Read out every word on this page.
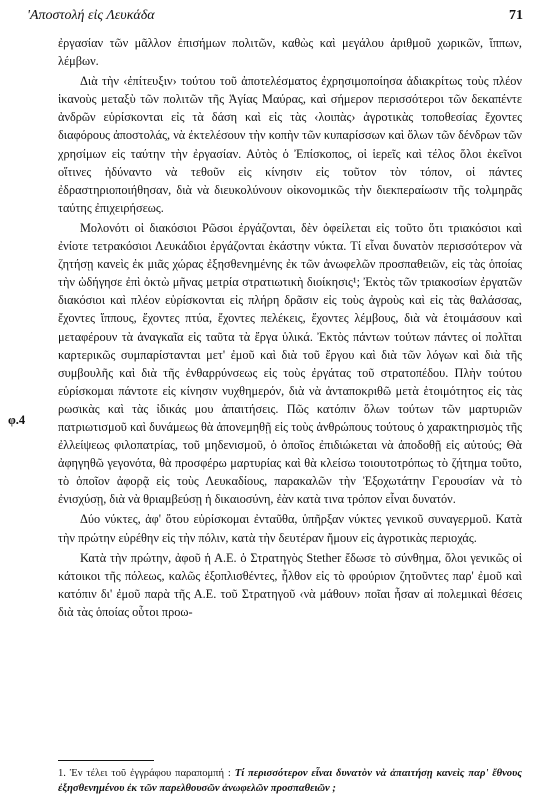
'Αποστολή εἰς Λευκάδα	71
φ.4

ἐργασίαν τῶν μᾶλλον ἐπισήμων πολιτῶν, καθὼς καὶ μεγάλου ἀριθμοῦ χωρικῶν, ἵππων, λέμβων.

Διὰ τὴν ‹ἐπίτευξιν› τούτου τοῦ ἀποτελέσματος ἐχρησιμοποίησα ἀδιακρίτως τοὺς πλέον ἱκανοὺς μεταξὺ τῶν πολιτῶν τῆς Ἁγίας Μαύρας, καὶ σήμερον περισσότεροι τῶν δεκαπέντε ἀνδρῶν εὑρίσκονται εἰς τὰ δάση καὶ εἰς τὰς ‹λοιπὰς› ἀγροτικὰς τοποθεσίας ἔχοντες διαφόρους ἀποστολάς, νὰ ἐκτελέσουν τὴν κοπὴν τῶν κυπαρίσσων καὶ ὅλων τῶν δένδρων τῶν χρησίμων εἰς ταύτην τὴν ἐργασίαν. Αὐτὸς ὁ Ἐπίσκοπος, οἱ ἱερεῖς καὶ τέλος ὅλοι ἐκεῖνοι οἵτινες ἠδύναντο νὰ τεθοῦν εἰς κίνησιν εἰς τοῦτον τὸν τόπον, οἱ πάντες ἐδραστηριοποιήθησαν, διὰ νὰ διευκολύνουν οἰκονομικῶς τὴν διεκπεραίωσιν τῆς τολμηρᾶς ταύτης ἐπιχειρήσεως.

Μολονότι οἱ διακόσιοι Ρῶσοι ἐργάζονται, δὲν ὀφείλεται εἰς τοῦτο ὅτι τριακόσιοι καὶ ἐνίοτε τετρακόσιοι Λευκάδιοι ἐργάζονται ἑκάστην νύκτα. Τί εἶναι δυνατὸν περισσότερον νὰ ζητήσῃ κανεὶς ἐκ μιᾶς χώρας ἐξησθενημένης ἐκ τῶν ἀνωφελῶν προσπαθειῶν, εἰς τὰς ὁποίας τὴν ὡδήγησε ἐπὶ ὀκτὼ μῆνας μετρία στρατιωτικὴ διοίκησις¹; Ἐκτὸς τῶν τριακοσίων ἐργατῶν διακόσιοι καὶ πλέον εὑρίσκονται εἰς πλήρη δρᾶσιν εἰς τοὺς ἀγροὺς καὶ εἰς τὰς θαλάσσας, ἔχοντες ἵππους, ἔχοντες πτύα, ἔχοντες πελέκεις, ἔχοντες λέμβους, διὰ νὰ ἑτοιμάσουν καὶ μεταφέρουν τὰ ἀναγκαῖα εἰς ταῦτα τὰ ἔργα ὑλικά. Ἐκτὸς πάντων τούτων πάντες οἱ πολῖται καρτερικῶς συμπαρίστανται μετ' ἐμοῦ καὶ διὰ τοῦ ἔργου καὶ διὰ τῶν λόγων καὶ διὰ τῆς συμβουλῆς καὶ διὰ τῆς ἐνθαρρύνσεως εἰς τοὺς ἐργάτας τοῦ στρατοπέδου. Πλὴν τούτου εὑρίσκομαι πάντοτε εἰς κίνησιν νυχθημερόν, διὰ νὰ ἀνταποκριθῶ μετὰ ἑτοιμότητος εἰς τὰς ρωσικὰς καὶ τὰς ἰδικάς μου ἀπαιτήσεις. Πῶς κατόπιν ὅλων τούτων τῶν μαρτυριῶν πατριωτισμοῦ καὶ δυνάμεως θὰ ἀπονεμηθῇ εἰς τοὺς ἀνθρώπους τούτους ὁ χαρακτηρισμὸς τῆς ἐλλείψεως φιλοπατρίας, τοῦ μηδενισμοῦ, ὁ ὁποῖος ἐπιδιώκεται νὰ ἀποδοθῇ εἰς αὐτούς; Θὰ ἀφηγηθῶ γεγονότα, θὰ προσφέρω μαρτυρίας καὶ θὰ κλείσω τοιουτοτρόπως τὸ ζήτημα τοῦτο, τὸ ὁποῖον ἀφορᾷ εἰς τοὺς Λευκαδίους, παρακαλῶν τὴν Ἐξοχωτάτην Γερουσίαν νὰ τὸ ἐνισχύσῃ, διὰ νὰ θριαμβεύσῃ ἡ δικαιοσύνη, ἐὰν κατὰ τινα τρόπον εἶναι δυνατόν.

Δύο νύκτες, ἀφ' ὅτου εὑρίσκομαι ἐνταῦθα, ὑπῆρξαν νύκτες γενικοῦ συναγερμοῦ. Κατὰ τὴν πρώτην εὑρέθην εἰς τὴν πόλιν, κατὰ τὴν δευτέραν ἤμουν εἰς ἀγροτικὰς περιοχάς.

Κατὰ τὴν πρώτην, ἀφοῦ ἡ Α.Ε. ὁ Στρατηγὸς Stether ἔδωσε τὸ σύνθημα, ὅλοι γενικῶς οἱ κάτοικοι τῆς πόλεως, καλῶς ἐξοπλισθέντες, ἦλθον εἰς τὸ φρούριον ζητοῦντες παρ' ἐμοῦ καὶ κατόπιν δι' ἐμοῦ παρὰ τῆς Α.Ε. τοῦ Στρατηγοῦ ‹νὰ μάθουν› ποῖαι ἦσαν αἱ πολεμικαὶ θέσεις διὰ τὰς ὁποίας οὗτοι προω-

1. Ἐν τέλει τοῦ ἐγγράφου παραπομπή : Τί περισσότερον εἶναι δυνατὸν νὰ ἀπαιτήσῃ κανεὶς παρ' ἔθνους ἐξησθενημένου ἐκ τῶν παρελθουσῶν ἀνωφελῶν προσπαθειῶν ;
